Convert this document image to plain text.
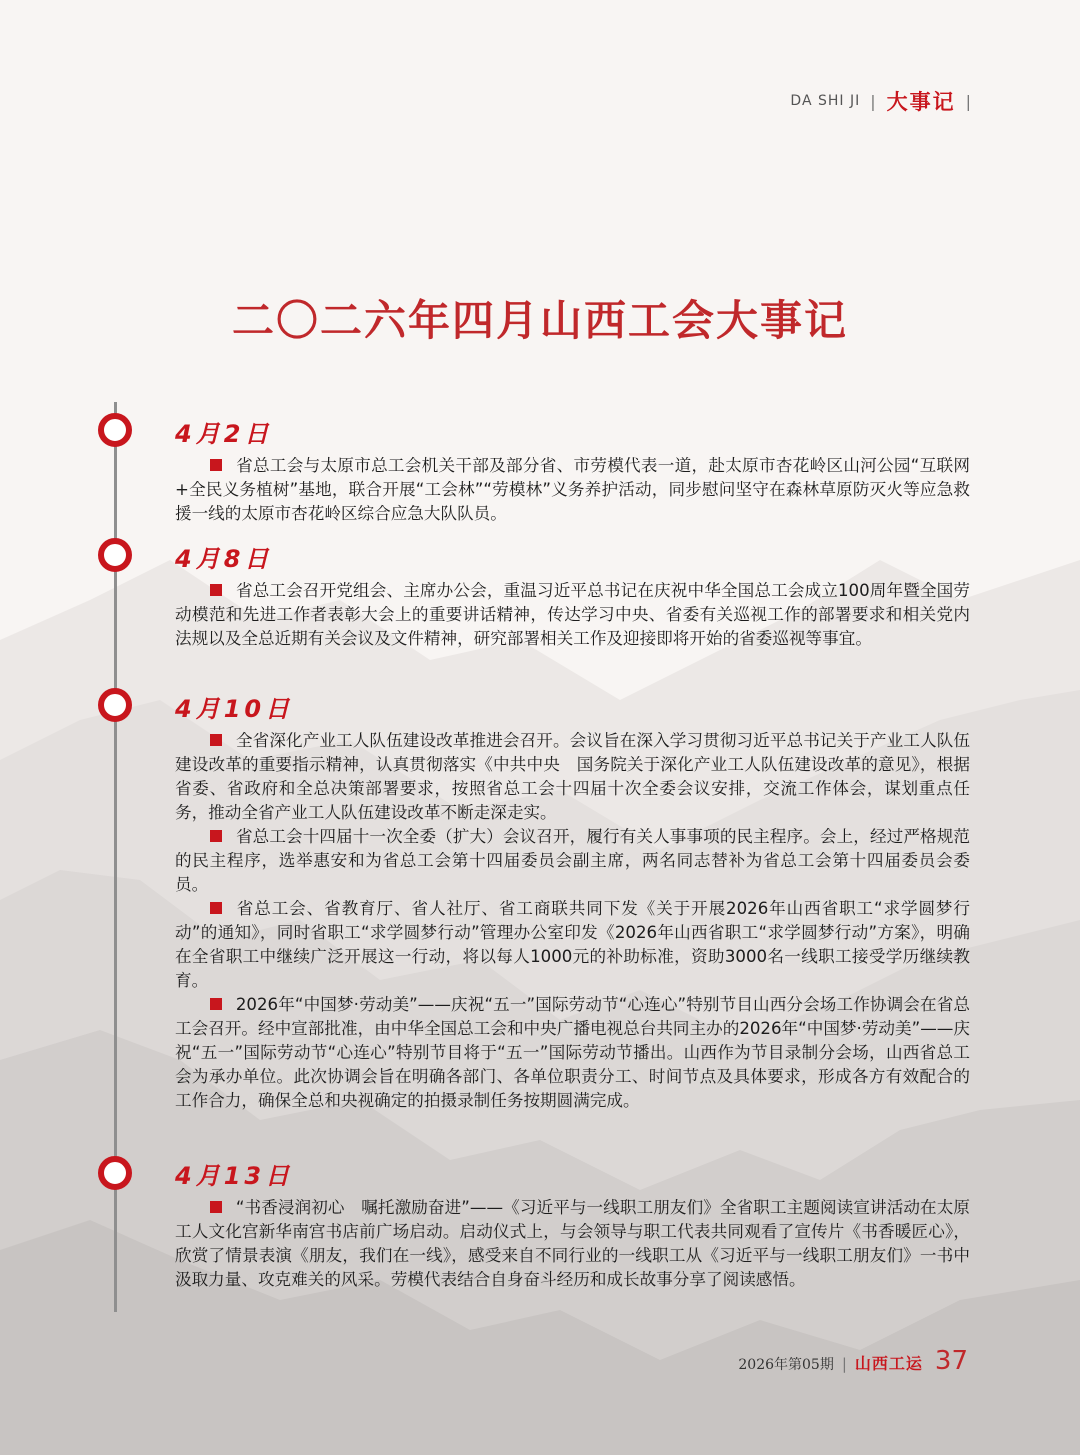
DA SHI JI | 大事记 |
二〇二六年四月山西工会大事记
4月2日

省总工会与太原市总工会机关干部及部分省、市劳模代表一道，赴太原市杏花岭区山河公园“互联网+全民义务植树”基地，联合开展“工会林”“劳模林”义务养护活动，同步慰问坚守在森林草原防灭火等应急救援一线的太原市杏花岭区综合应急大队队员。

4月8日

省总工会召开党组会、主席办公会，重温习近平总书记在庆祝中华全国总工会成立100周年暨全国劳动模范和先进工作者表彰大会上的重要讲话精神，传达学习中央、省委有关巡视工作的部署要求和相关党内法规以及全总近期有关会议及文件精神，研究部署相关工作及迎接即将开始的省委巡视等事宜。

4月10日

全省深化产业工人队伍建设改革推进会召开。会议旨在深入学习贯彻习近平总书记关于产业工人队伍建设改革的重要指示精神，认真贯彻落实《中共中央　国务院关于深化产业工人队伍建设改革的意见》，根据省委、省政府和全总决策部署要求，按照省总工会十四届十次全委会议安排，交流工作体会，谋划重点任务，推动全省产业工人队伍建设改革不断走深走实。

省总工会十四届十一次全委（扩大）会议召开，履行有关人事事项的民主程序。会上，经过严格规范的民主程序，选举惠安和为省总工会第十四届委员会副主席，两名同志替补为省总工会第十四届委员会委员。

省总工会、省教育厅、省人社厅、省工商联共同下发《关于开展2026年山西省职工“求学圆梦行动”的通知》，同时省职工“求学圆梦行动”管理办公室印发《2026年山西省职工“求学圆梦行动”方案》，明确在全省职工中继续广泛开展这一行动，将以每人1000元的补助标准，资助3000名一线职工接受学历继续教育。

2026年“中国梦·劳动美”——庆祝“五一”国际劳动节“心连心”特别节目山西分会场工作协调会在省总工会召开。经中宣部批准，由中华全国总工会和中央广播电视总台共同主办的2026年“中国梦·劳动美”——庆祝“五一”国际劳动节“心连心”特别节目将于“五一”国际劳动节播出。山西作为节目录制分会场，山西省总工会为承办单位。此次协调会旨在明确各部门、各单位职责分工、时间节点及具体要求，形成各方有效配合的工作合力，确保全总和央视确定的拍摄录制任务按期圆满完成。

4月13日

“书香浸润初心　嘱托激励奋进”——《习近平与一线职工朋友们》全省职工主题阅读宣讲活动在太原工人文化宫新华南宫书店前广场启动。启动仪式上，与会领导与职工代表共同观看了宣传片《书香暖匠心》，欣赏了情景表演《朋友，我们在一线》，感受来自不同行业的一线职工从《习近平与一线职工朋友们》一书中汲取力量、攻克难关的风采。劳模代表结合自身奋斗经历和成长故事分享了阅读感悟。

2026年第05期 | 山西工运 37
